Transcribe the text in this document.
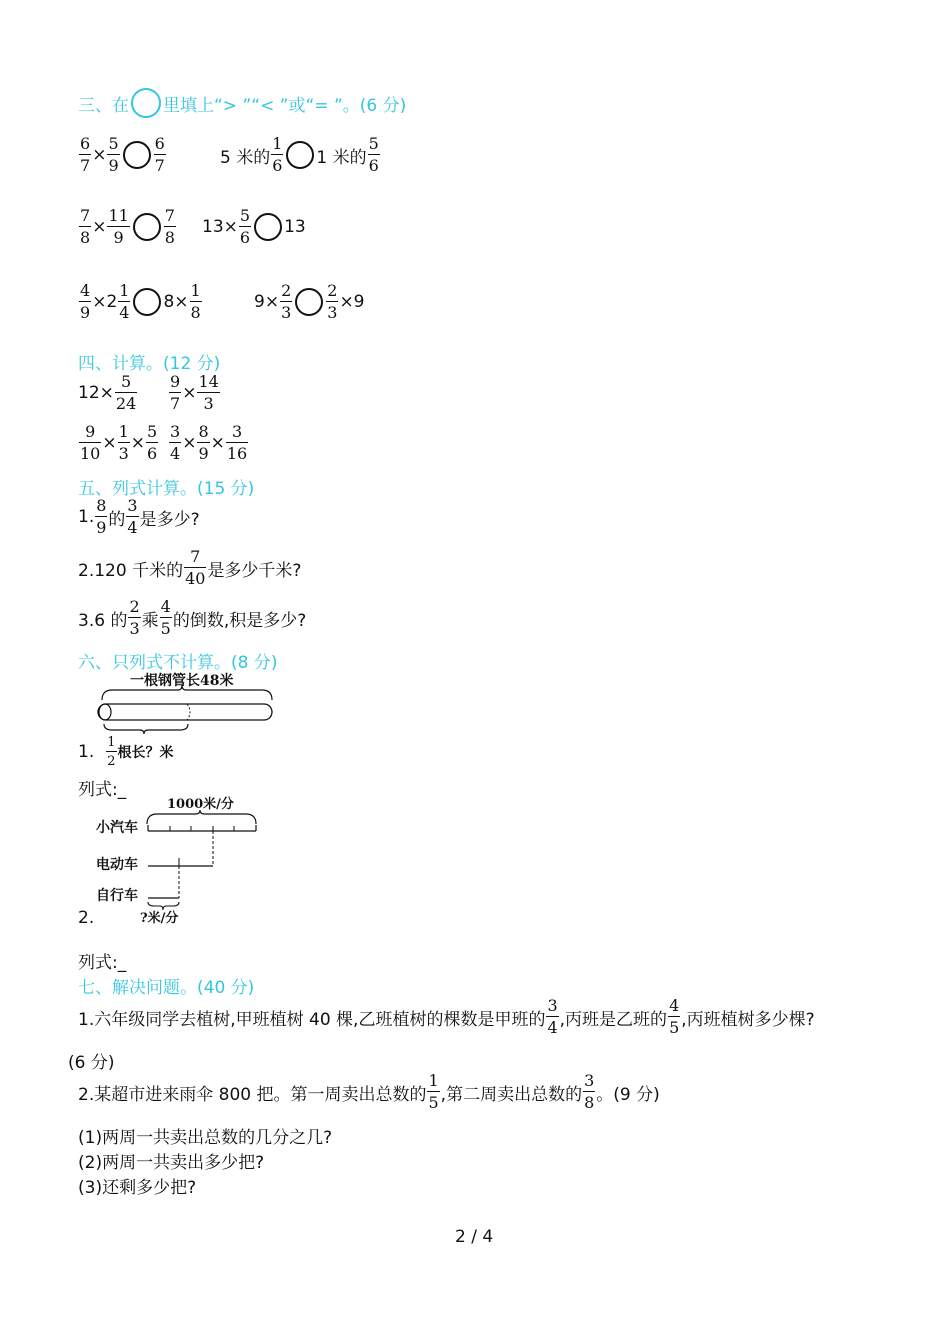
三、在 里填上“> ”“< ”或“= ”。(6 分)
$\frac{6}{7} \times \frac{5}{9} \frac{6}{7}$	5 米的 $\frac{1}{6} 1$ 米的 $\frac{5}{6}$
$\frac{7}{8} \times \frac{11}{9} \frac{7}{8} 13\times \frac{5}{6} 13$
$\frac{4}{9} \times 2 \frac{1}{4} 8\times \frac{1}{8}$	$9\times \frac{2}{3} \frac{2}{3} \times 9$
四、计算。(12 分)
$12\times \frac{5}{24} \frac{9}{7} \times \frac{14}{3}$
$\frac{9}{10} \times \frac{1}{3} \times \frac{5}{6} \frac{3}{4} \times \frac{8}{9} \times \frac{3}{16}$
五、列式计算。(15 分)
1. $\frac{8}{9}$ 的 $\frac{3}{4}$ 是多少?
2.120 千米的 $\frac{7}{40}$ 是多少千米?
3.6 的 $\frac{2}{3}$ 乘 $\frac{4}{5}$ 的倒数,积是多少?
六、只列式不计算。(8 分)
一根钢管长48米
1. $\frac{1}{2}$ 根长？米
列式:_
1000米/分
小汽车
电动车
自行车
?米/分
2.
列式:_
七、解决问题。(40 分)
1.六年级同学去植树,甲班植树 40 棵,乙班植树的棵数是甲班的 $\frac{3}{4}$ ,丙班是乙班的 $\frac{4}{5}$ ,丙班植树多少棵?
(6 分)
2.某超市进来雨伞 800 把。第一周卖出总数的 $\frac{1}{5}$ ,第二周卖出总数的 $\frac{3}{8}$ 。(9 分)
(1)两周一共卖出总数的几分之几?
(2)两周一共卖出多少把?
(3)还剩多少把?
2 / 4
